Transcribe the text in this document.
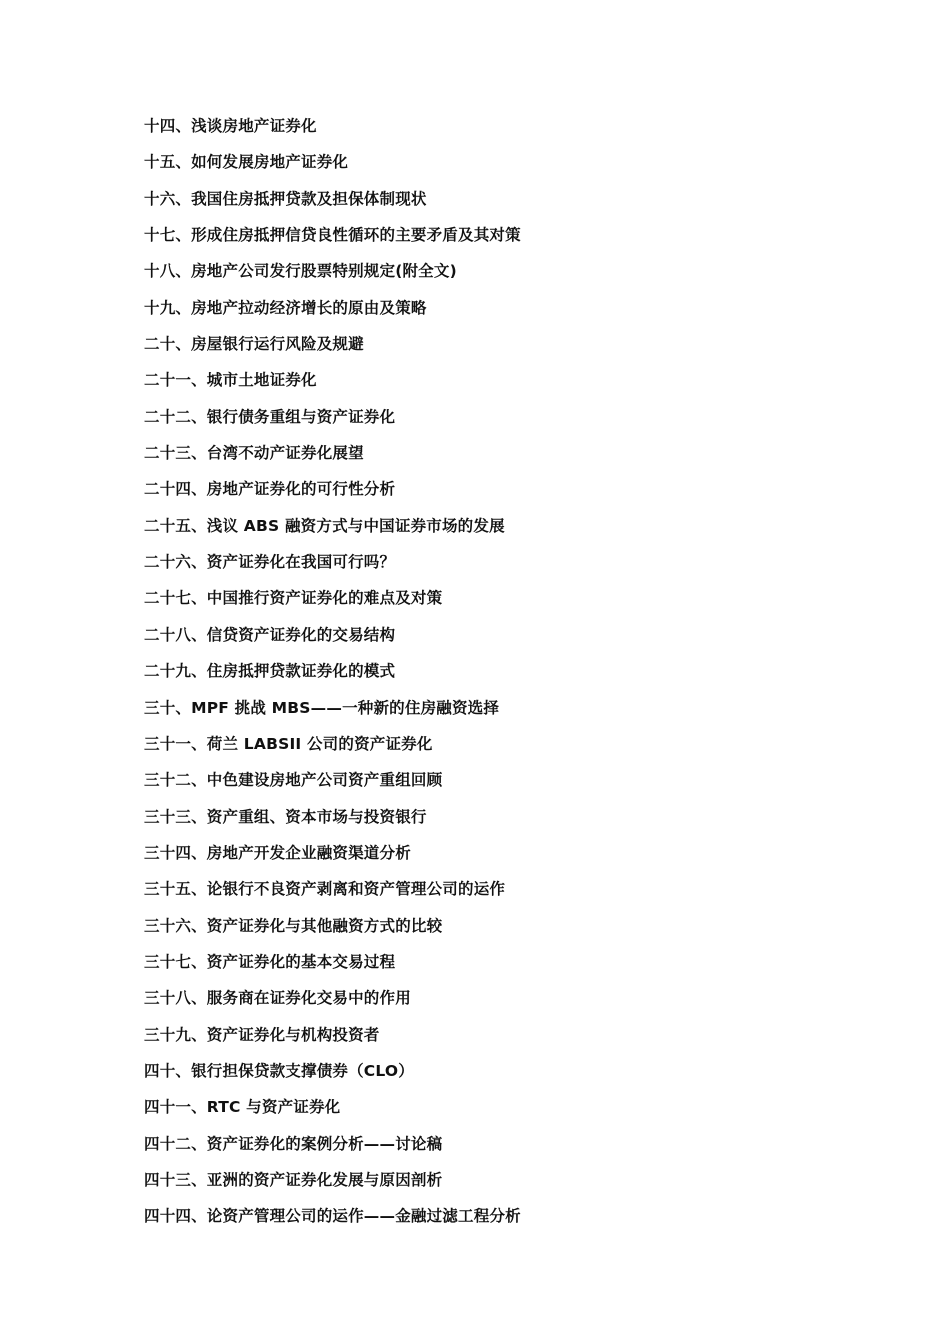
十四、浅谈房地产证券化
十五、如何发展房地产证券化
十六、我国住房抵押贷款及担保体制现状
十七、形成住房抵押信贷良性循环的主要矛盾及其对策
十八、房地产公司发行股票特别规定(附全文)
十九、房地产拉动经济增长的原由及策略
二十、房屋银行运行风险及规避
二十一、城市土地证券化
二十二、银行债务重组与资产证券化
二十三、台湾不动产证券化展望
二十四、房地产证券化的可行性分析
二十五、浅议 ABS 融资方式与中国证券市场的发展
二十六、资产证券化在我国可行吗？
二十七、中国推行资产证券化的难点及对策
二十八、信贷资产证券化的交易结构
二十九、住房抵押贷款证券化的模式
三十、MPF 挑战 MBS——一种新的住房融资选择
三十一、荷兰 LABSII 公司的资产证券化
三十二、中色建设房地产公司资产重组回顾
三十三、资产重组、资本市场与投资银行
三十四、房地产开发企业融资渠道分析
三十五、论银行不良资产剥离和资产管理公司的运作
三十六、资产证券化与其他融资方式的比较
三十七、资产证券化的基本交易过程
三十八、服务商在证券化交易中的作用
三十九、资产证券化与机构投资者
四十、银行担保贷款支撑债券（CLO）
四十一、RTC 与资产证券化
四十二、资产证券化的案例分析——讨论稿
四十三、亚洲的资产证券化发展与原因剖析
四十四、论资产管理公司的运作——金融过滤工程分析
